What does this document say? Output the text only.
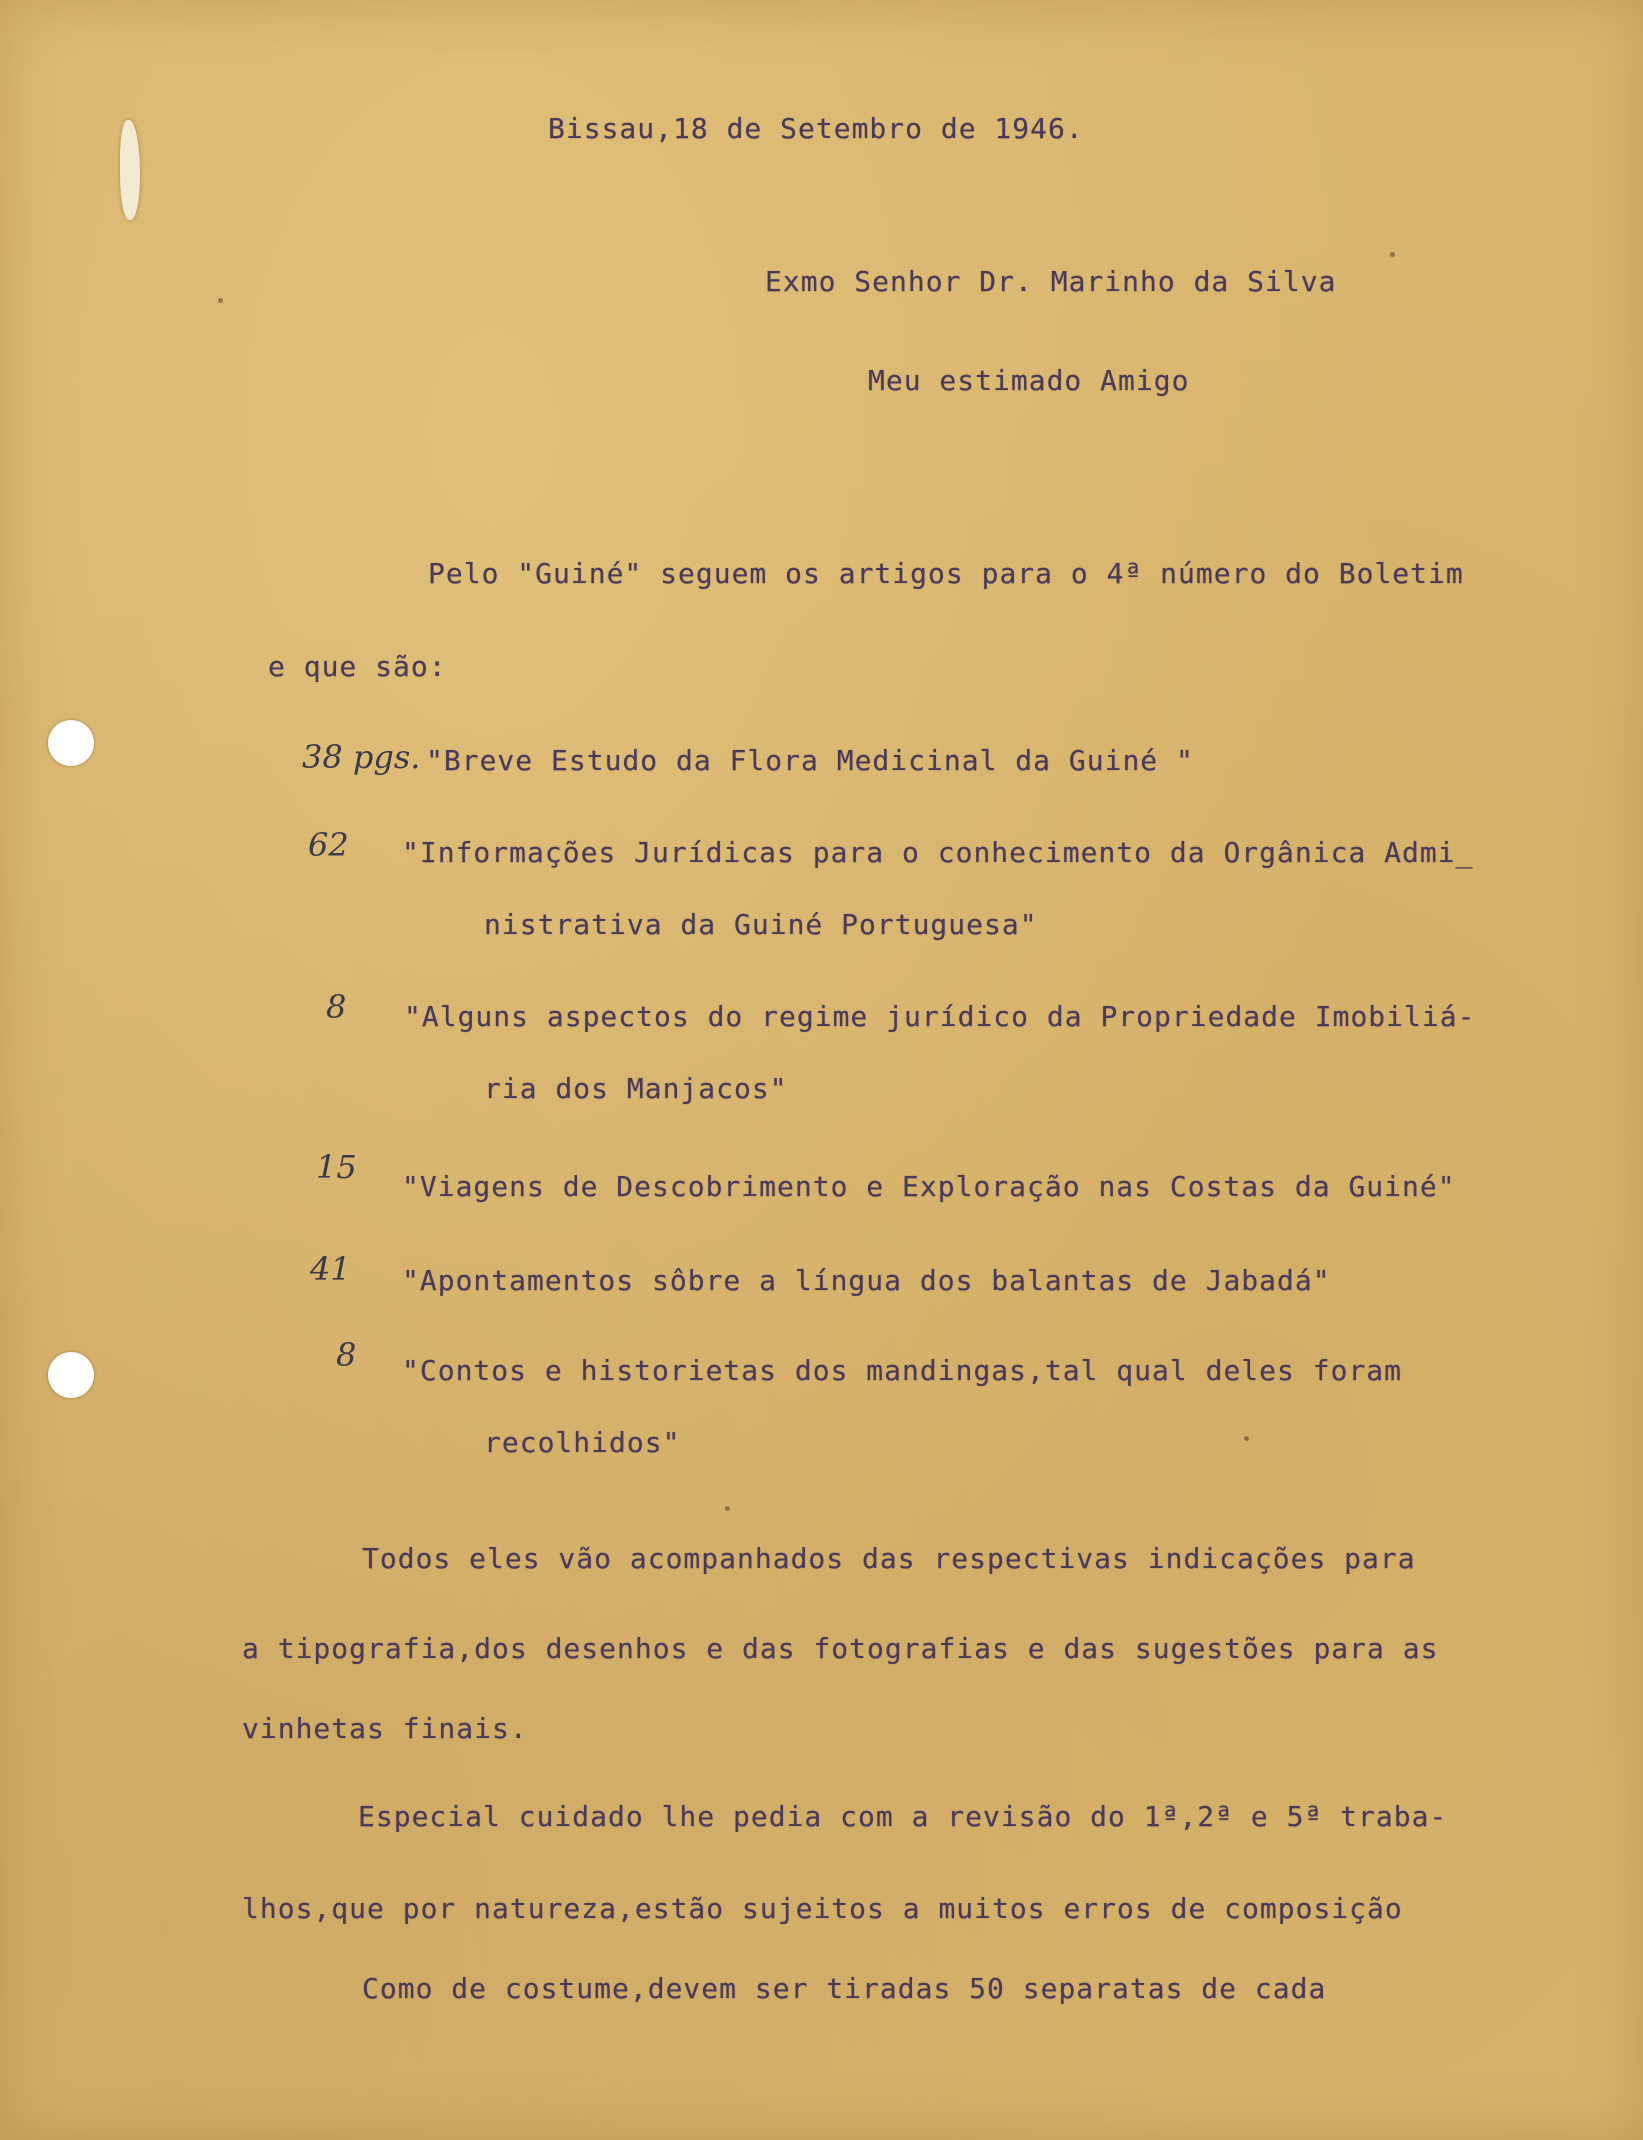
Bissau,18 de Setembro de 1946.
Exmo Senhor Dr. Marinho da Silva
Meu estimado Amigo
Pelo "Guiné" seguem os artigos para o 4ª número do Boletim
e que são:
38 pgs. "Breve Estudo da Flora Medicinal da Guiné "
62 "Informações Jurídicas para o conhecimento da Orgânica Admi_
nistrativa da Guiné Portuguesa"
8 "Alguns aspectos do regime jurídico da Propriedade Imobiliá-
ria dos Manjacos"
15
"Viagens de Descobrimento e Exploração nas Costas da Guiné"
41 "Apontamentos sôbre a língua dos balantas de Jabadá"
8 "Contos e historietas dos mandingas,tal qual deles foram
recolhidos"
Todos eles vão acompanhados das respectivas indicações para
a tipografia,dos desenhos e das fotografias e das sugestões para as
vinhetas finais.
Especial cuidado lhe pedia com a revisão do 1ª,2ª e 5ª traba-
lhos,que por natureza,estão sujeitos a muitos erros de composição
Como de costume,devem ser tiradas 50 separatas de cada
